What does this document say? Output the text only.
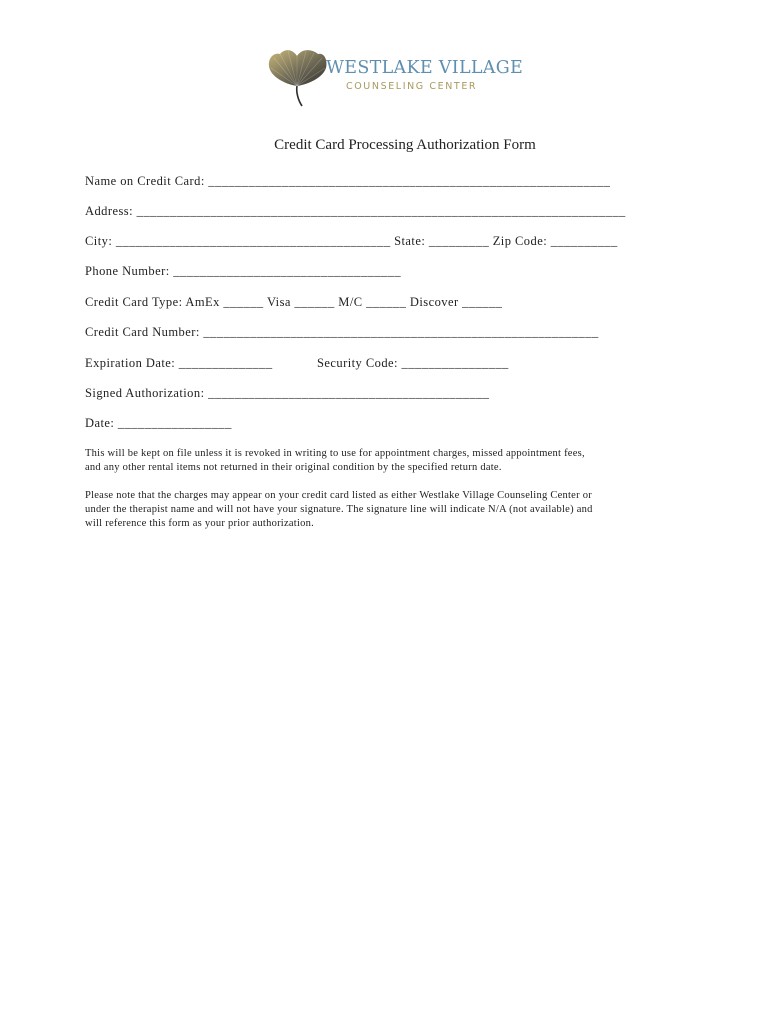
WESTLAKE VILLAGE
COUNSELING CENTER
Credit Card Processing Authorization Form
Name on Credit Card: ____________________________________________________________
Address: _________________________________________________________________________
City: _________________________________________ State: _________ Zip Code: __________
Phone Number: __________________________________
Credit Card Type: AmEx ______ Visa ______ M/C ______ Discover ______
Credit Card Number: ___________________________________________________________
Expiration Date: ______________	Security Code: ________________
Signed Authorization: __________________________________________
Date: _________________
This will be kept on file unless it is revoked in writing to use for appointment charges, missed appointment fees,
and any other rental items not returned in their original condition by the specified return date.
Please note that the charges may appear on your credit card listed as either Westlake Village Counseling Center or
under the therapist name and will not have your signature. The signature line will indicate N/A (not available) and
will reference this form as your prior authorization.
